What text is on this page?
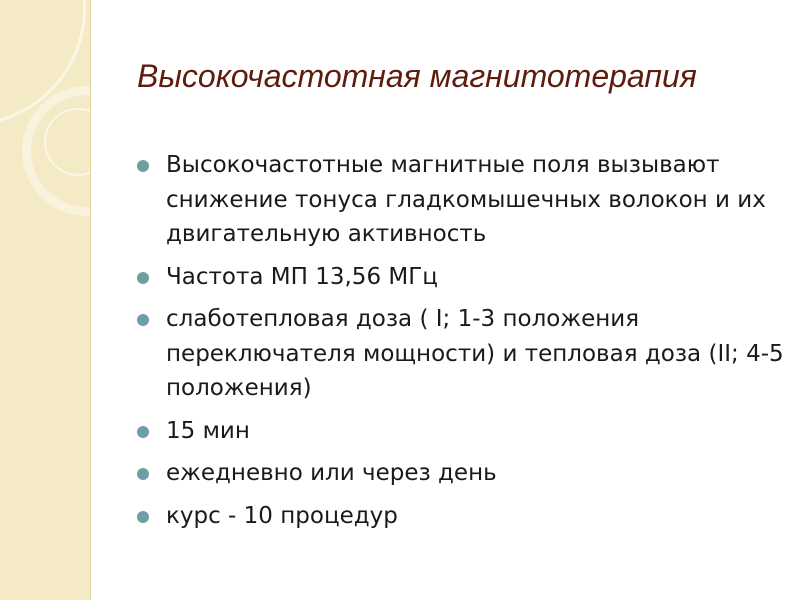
Высокочастотная магнитотерапия
Высокочастотные магнитные поля вызывают снижение тонуса гладкомышечных волокон и их двигательную активность
Частота МП 13,56 МГц
слаботепловая доза ( I; 1-3 положения переключателя мощности) и тепловая доза (II; 4-5 положения)
15 мин
ежедневно или через день
курс - 10 процедур
